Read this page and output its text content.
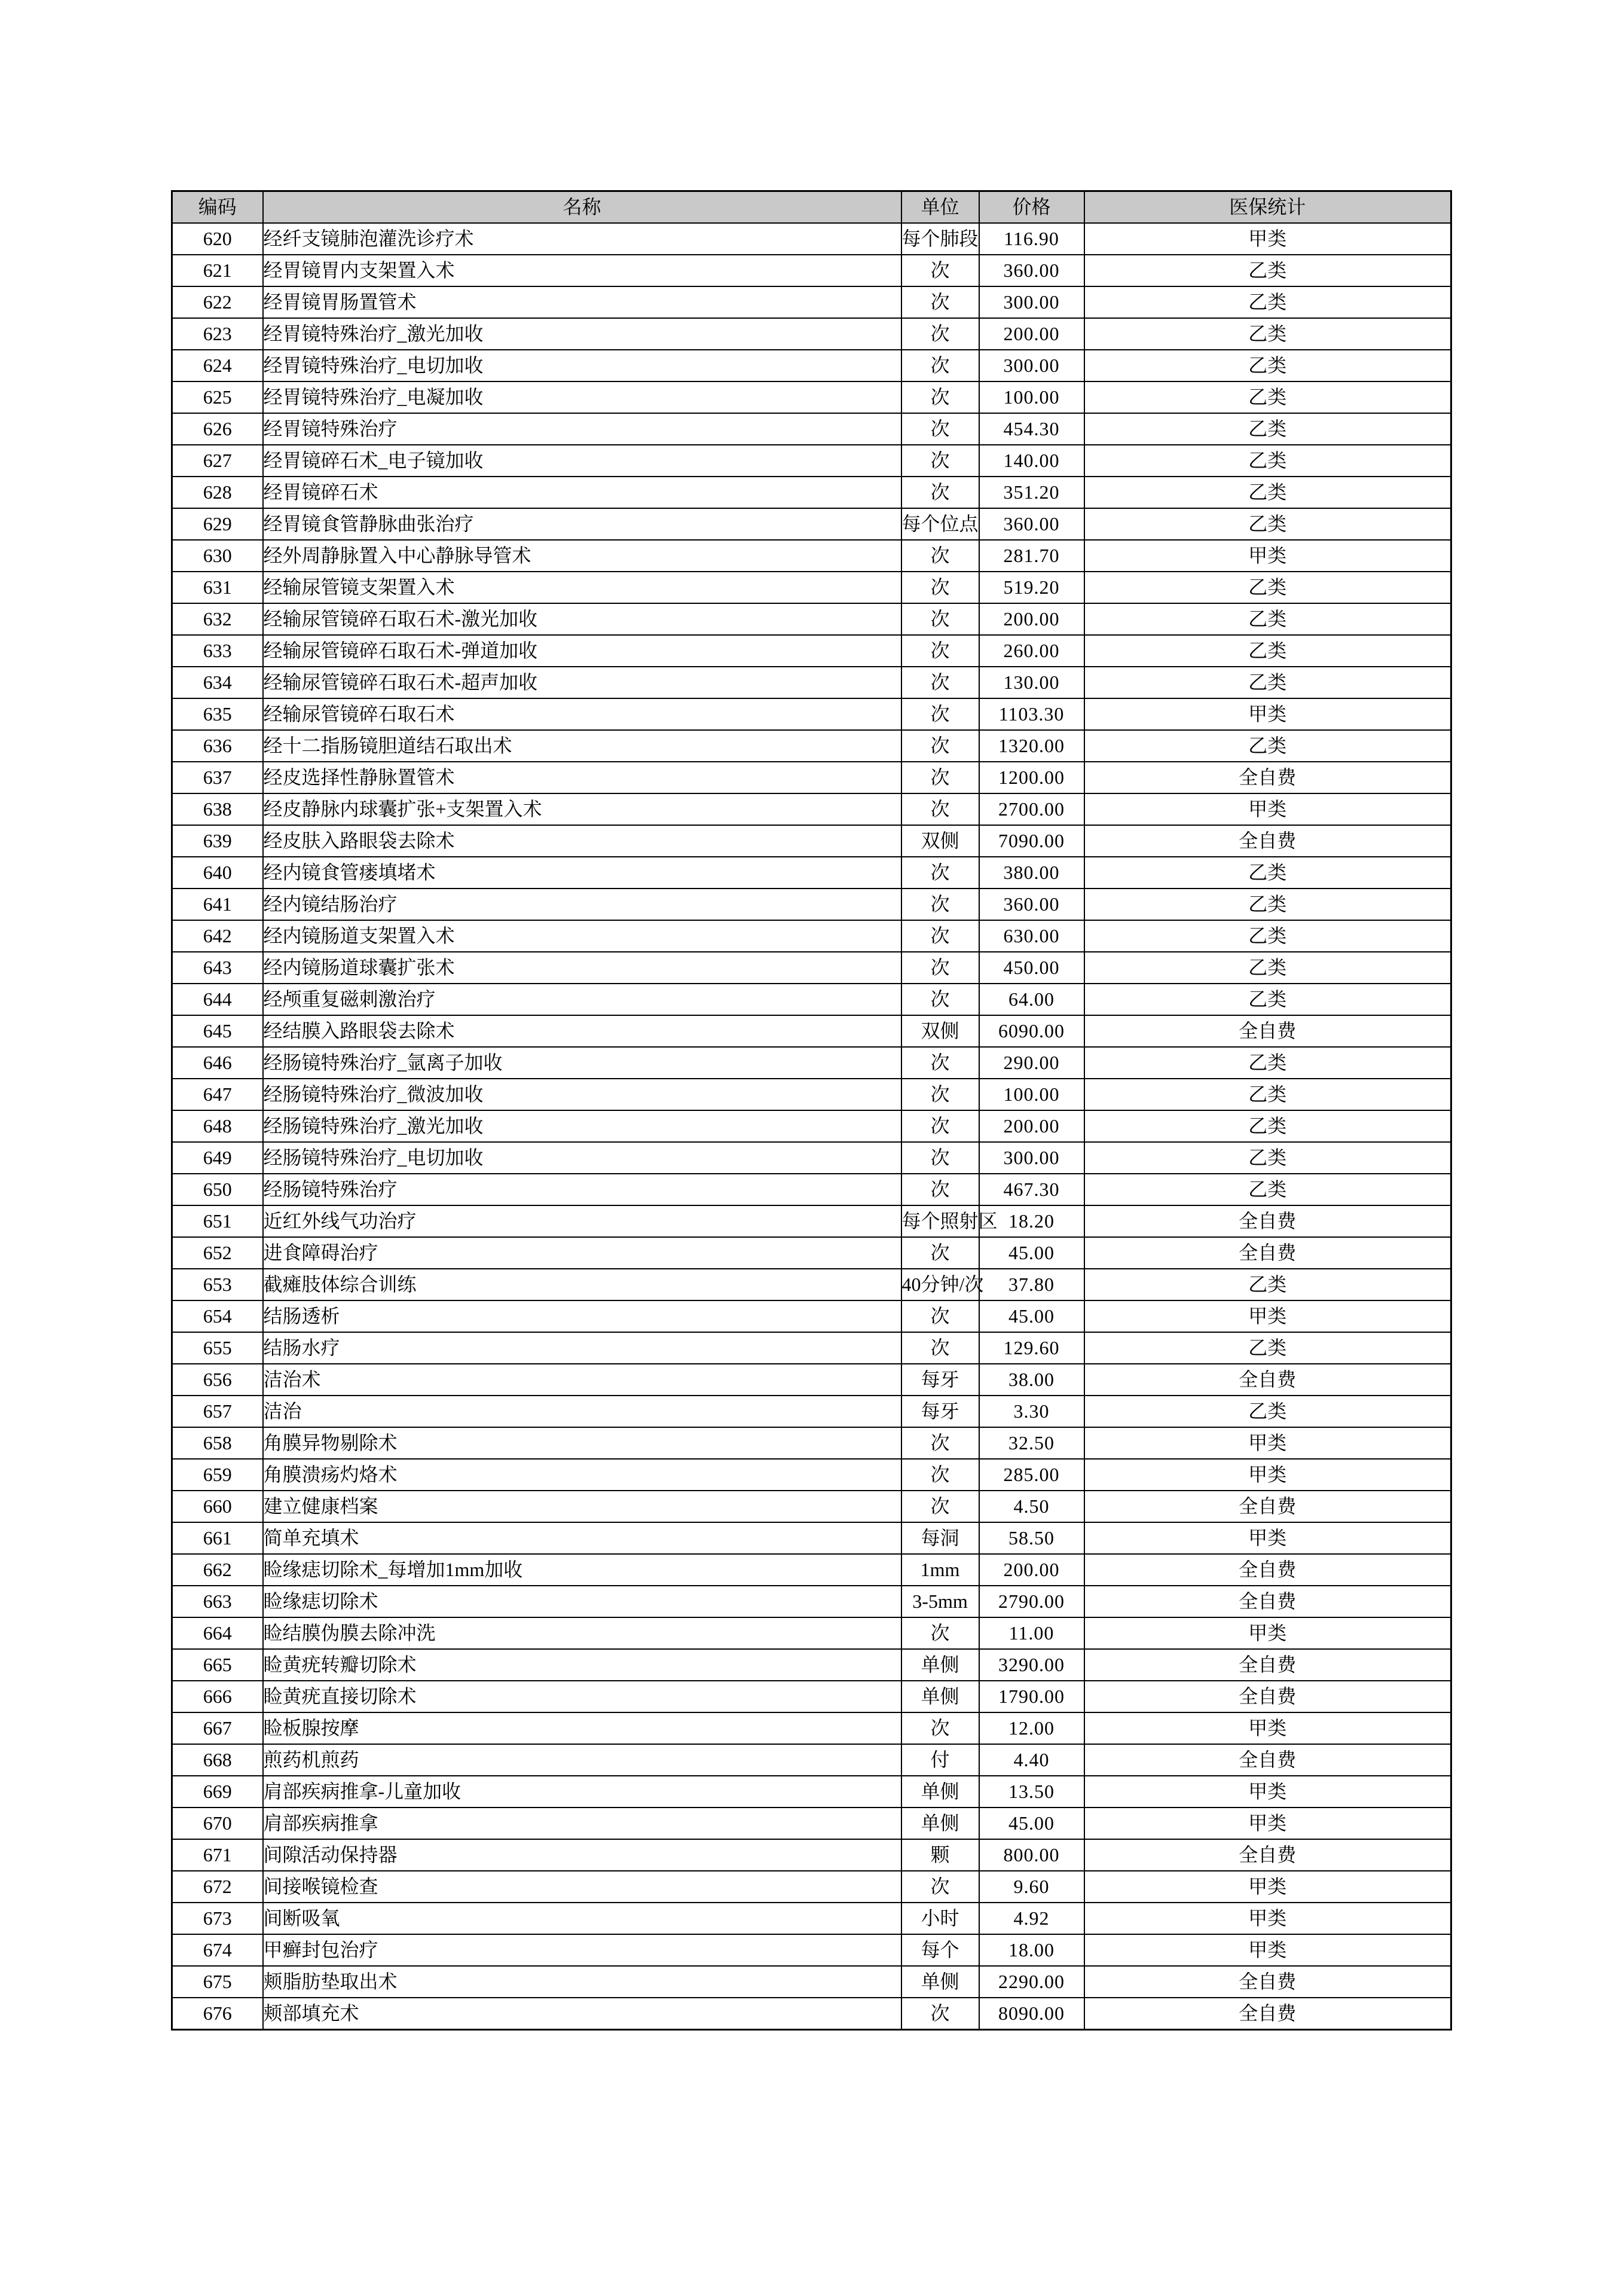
编码	名称	单位	价格	医保统计
620	经纤支镜肺泡灌洗诊疗术	每个肺段	116.90	甲类
621	经胃镜胃内支架置入术	次	360.00	乙类
622	经胃镜胃肠置管术	次	300.00	乙类
623	经胃镜特殊治疗_激光加收	次	200.00	乙类
624	经胃镜特殊治疗_电切加收	次	300.00	乙类
625	经胃镜特殊治疗_电凝加收	次	100.00	乙类
626	经胃镜特殊治疗	次	454.30	乙类
627	经胃镜碎石术_电子镜加收	次	140.00	乙类
628	经胃镜碎石术	次	351.20	乙类
629	经胃镜食管静脉曲张治疗	每个位点	360.00	乙类
630	经外周静脉置入中心静脉导管术	次	281.70	甲类
631	经输尿管镜支架置入术	次	519.20	乙类
632	经输尿管镜碎石取石术-激光加收	次	200.00	乙类
633	经输尿管镜碎石取石术-弹道加收	次	260.00	乙类
634	经输尿管镜碎石取石术-超声加收	次	130.00	乙类
635	经输尿管镜碎石取石术	次	1103.30	甲类
636	经十二指肠镜胆道结石取出术	次	1320.00	乙类
637	经皮选择性静脉置管术	次	1200.00	全自费
638	经皮静脉内球囊扩张+支架置入术	次	2700.00	甲类
639	经皮肤入路眼袋去除术	双侧	7090.00	全自费
640	经内镜食管瘘填堵术	次	380.00	乙类
641	经内镜结肠治疗	次	360.00	乙类
642	经内镜肠道支架置入术	次	630.00	乙类
643	经内镜肠道球囊扩张术	次	450.00	乙类
644	经颅重复磁刺激治疗	次	64.00	乙类
645	经结膜入路眼袋去除术	双侧	6090.00	全自费
646	经肠镜特殊治疗_氩离子加收	次	290.00	乙类
647	经肠镜特殊治疗_微波加收	次	100.00	乙类
648	经肠镜特殊治疗_激光加收	次	200.00	乙类
649	经肠镜特殊治疗_电切加收	次	300.00	乙类
650	经肠镜特殊治疗	次	467.30	乙类
651	近红外线气功治疗	每个照射区	18.20	全自费
652	进食障碍治疗	次	45.00	全自费
653	截瘫肢体综合训练	40分钟/次	37.80	乙类
654	结肠透析	次	45.00	甲类
655	结肠水疗	次	129.60	乙类
656	洁治术	每牙	38.00	全自费
657	洁治	每牙	3.30	乙类
658	角膜异物剔除术	次	32.50	甲类
659	角膜溃疡灼烙术	次	285.00	甲类
660	建立健康档案	次	4.50	全自费
661	简单充填术	每洞	58.50	甲类
662	睑缘痣切除术_每增加1mm加收	1mm	200.00	全自费
663	睑缘痣切除术	3-5mm	2790.00	全自费
664	睑结膜伪膜去除冲洗	次	11.00	甲类
665	睑黄疣转瓣切除术	单侧	3290.00	全自费
666	睑黄疣直接切除术	单侧	1790.00	全自费
667	睑板腺按摩	次	12.00	甲类
668	煎药机煎药	付	4.40	全自费
669	肩部疾病推拿-儿童加收	单侧	13.50	甲类
670	肩部疾病推拿	单侧	45.00	甲类
671	间隙活动保持器	颗	800.00	全自费
672	间接喉镜检查	次	9.60	甲类
673	间断吸氧	小时	4.92	甲类
674	甲癣封包治疗	每个	18.00	甲类
675	颊脂肪垫取出术	单侧	2290.00	全自费
676	颊部填充术	次	8090.00	全自费
